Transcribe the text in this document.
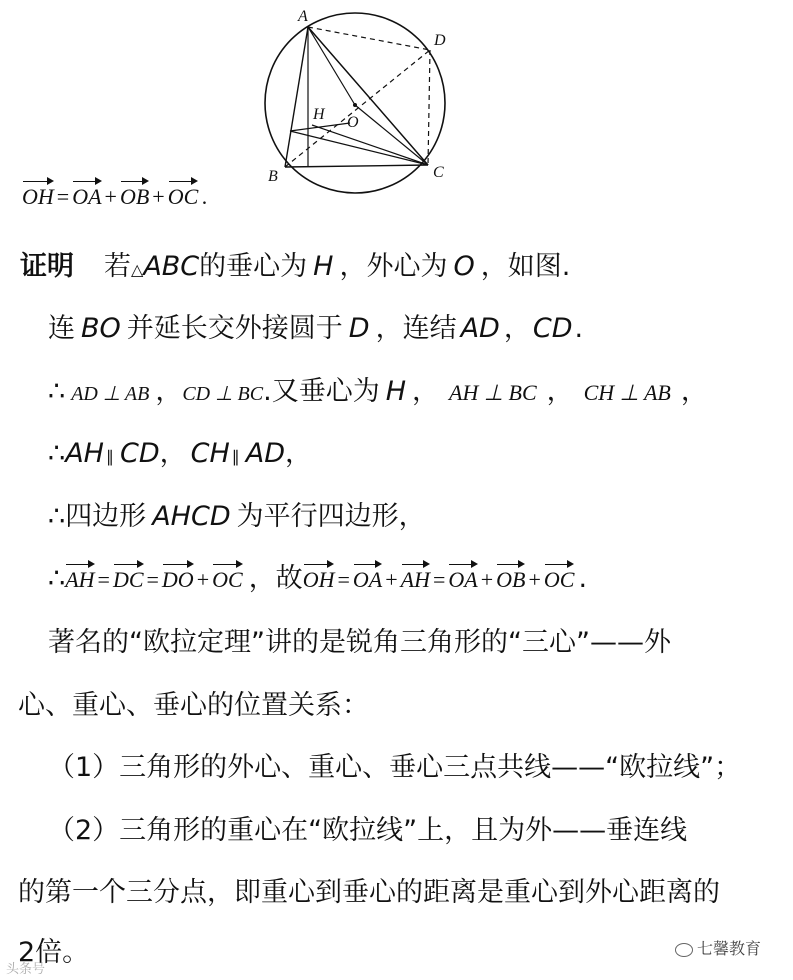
A
B	C
D
H O
OH = OA + OB + OC .
证明 若△ABC的垂心为 H ，外心为 O ，如图.
连 BO 并延长交外接圆于 D ，连结 AD ，CD.
∴ AD ⊥ AB ，CD ⊥ BC.又垂心为 H ， AH ⊥ BC ， CH ⊥ AB ，
∴AH ∥ CD， CH ∥ AD，
∴四边形 AHCD 为平行四边形，
∴AH = DC = DO + OC ，故OH = OA + AH = OA + OB + OC .
著名的“欧拉定理”讲的是锐角三角形的“三心”——外
心、重心、垂心的位置关系：
（1）三角形的外心、重心、垂心三点共线——“欧拉线”；
（2）三角形的重心在“欧拉线”上，且为外——垂连线
的第一个三分点，即重心到垂心的距离是重心到外心距离的
2倍。
头条号
七馨教育
